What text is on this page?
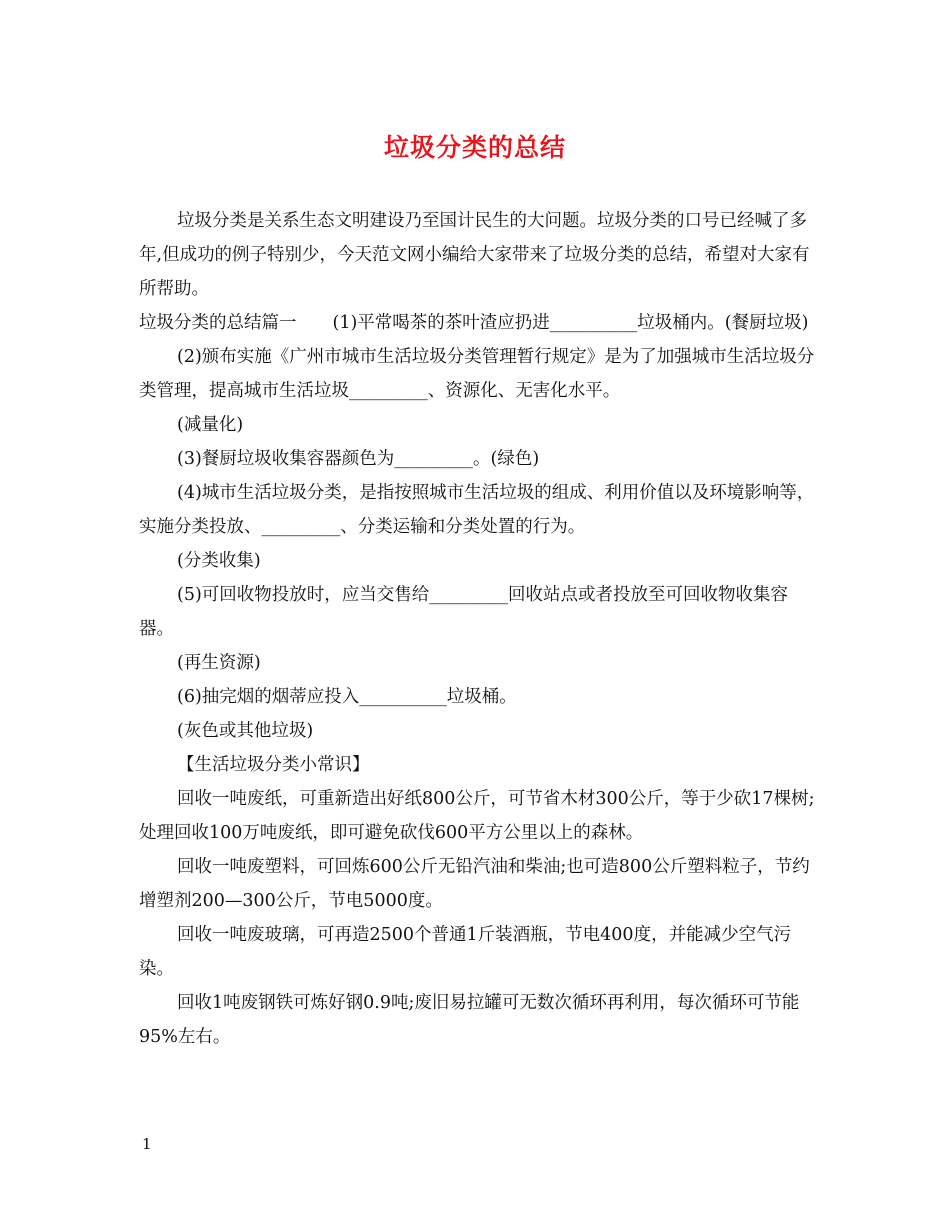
垃圾分类的总结

垃圾分类是关系生态文明建设乃至国计民生的大问题。垃圾分类的口号已经喊了多年,但成功的例子特别少，今天范文网小编给大家带来了垃圾分类的总结，希望对大家有所帮助。

垃圾分类的总结篇一 (1)平常喝茶的茶叶渣应扔进__________垃圾桶内。(餐厨垃圾)

(2)颁布实施《广州市城市生活垃圾分类管理暂行规定》是为了加强城市生活垃圾分类管理，提高城市生活垃圾_________、资源化、无害化水平。

(减量化)

(3)餐厨垃圾收集容器颜色为_________。(绿色)

(4)城市生活垃圾分类，是指按照城市生活垃圾的组成、利用价值以及环境影响等，实施分类投放、_________、分类运输和分类处置的行为。

(分类收集)

(5)可回收物投放时，应当交售给_________回收站点或者投放至可回收物收集容器。

(再生资源)

(6)抽完烟的烟蒂应投入__________垃圾桶。

(灰色或其他垃圾)

【生活垃圾分类小常识】

回收一吨废纸，可重新造出好纸800公斤，可节省木材300公斤，等于少砍17棵树;处理回收100万吨废纸，即可避免砍伐600平方公里以上的森林。

回收一吨废塑料，可回炼600公斤无铅汽油和柴油;也可造800公斤塑料粒子，节约增塑剂200—300公斤，节电5000度。

回收一吨废玻璃，可再造2500个普通1斤装酒瓶，节电400度，并能减少空气污染。

回收1吨废钢铁可炼好钢0.9吨;废旧易拉罐可无数次循环再利用，每次循环可节能95%左右。

1
